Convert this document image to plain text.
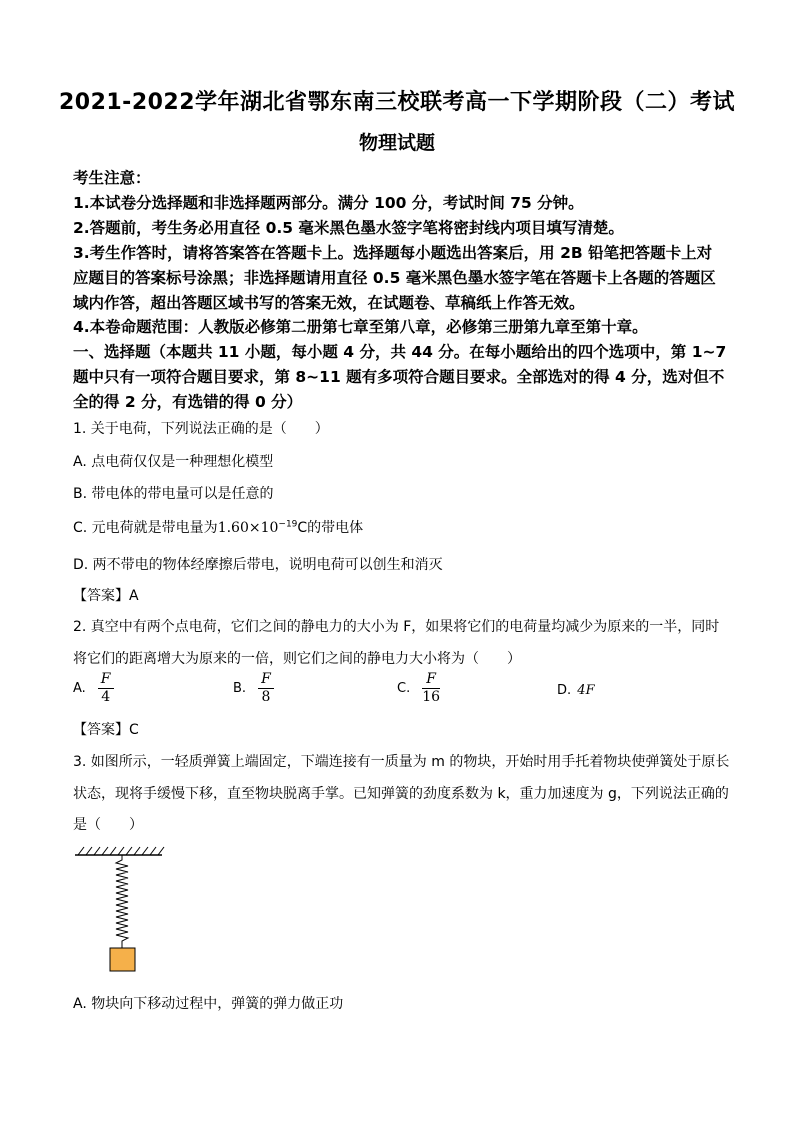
2021-2022学年湖北省鄂东南三校联考高一下学期阶段（二）考试
物理试题
考生注意：
1.本试卷分选择题和非选择题两部分。满分 100 分，考试时间 75 分钟。
2.答题前，考生务必用直径 0.5 毫米黑色墨水签字笔将密封线内项目填写清楚。
3.考生作答时，请将答案答在答题卡上。选择题每小题选出答案后，用 2B 铅笔把答题卡上对
应题目的答案标号涂黑；非选择题请用直径 0.5 毫米黑色墨水签字笔在答题卡上各题的答题区
域内作答，超出答题区域书写的答案无效，在试题卷、草稿纸上作答无效。
4.本卷命题范围：人教版必修第二册第七章至第八章，必修第三册第九章至第十章。
一、选择题（本题共 11 小题，每小题 4 分，共 44 分。在每小题给出的四个选项中，第 1~7
题中只有一项符合题目要求，第 8~11 题有多项符合题目要求。全部选对的得 4 分，选对但不
全的得 2 分，有选错的得 0 分）
1. 关于电荷，下列说法正确的是（　　）
A. 点电荷仅仅是一种理想化模型
B. 带电体的带电量可以是任意的
C. 元电荷就是带电量为$1.60\times 10^{-19}C$的带电体
D. 两不带电的物体经摩擦后带电，说明电荷可以创生和消灭
【答案】A
2. 真空中有两个点电荷，它们之间的静电力的大小为 F，如果将它们的电荷量均减少为原来的一半，同时
将它们的距离增大为原来的一倍，则它们之间的静电力大小将为（　　）
A. $\frac{F}{4}$	B. $\frac{F}{8}$	C. $\frac{F}{16}$	D. 4F
【答案】C
3. 如图所示，一轻质弹簧上端固定，下端连接有一质量为 m 的物块，开始时用手托着物块使弹簧处于原长
状态，现将手缓慢下移，直至物块脱离手掌。已知弹簧的劲度系数为 k，重力加速度为 g，下列说法正确的
是（　　）
A. 物块向下移动过程中，弹簧的弹力做正功
